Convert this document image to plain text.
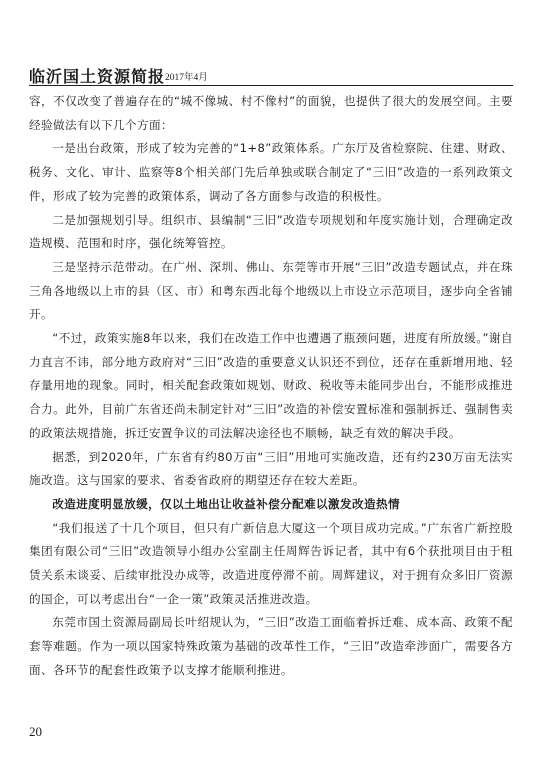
临沂国土资源简报 2017年4月

容，不仅改变了普遍存在的“城不像城、村不像村”的面貌，也提供了很大的发展空间。主要经验做法有以下几个方面：

一是出台政策，形成了较为完善的“1+8”政策体系。广东厅及省检察院、住建、财政、税务、文化、审计、监察等8个相关部门先后单独或联合制定了“三旧”改造的一系列政策文件，形成了较为完善的政策体系，调动了各方面参与改造的积极性。

二是加强规划引导。组织市、县编制“三旧”改造专项规划和年度实施计划，合理确定改造规模、范围和时序，强化统筹管控。

三是坚持示范带动。在广州、深圳、佛山、东莞等市开展“三旧”改造专题试点，并在珠三角各地级以上市的县（区、市）和粤东西北每个地级以上市设立示范项目，逐步向全省铺开。

“不过，政策实施8年以来，我们在改造工作中也遭遇了瓶颈问题，进度有所放缓。”谢自力直言不讳，部分地方政府对“三旧”改造的重要意义认识还不到位，还存在重新增用地、轻存量用地的现象。同时，相关配套政策如规划、财政、税收等未能同步出台，不能形成推进合力。此外，目前广东省还尚未制定针对“三旧”改造的补偿安置标准和强制拆迁、强制售卖的政策法规措施，拆迁安置争议的司法解决途径也不顺畅，缺乏有效的解决手段。

据悉，到2020年，广东省有约80万亩“三旧”用地可实施改造，还有约230万亩无法实施改造。这与国家的要求、省委省政府的期望还存在较大差距。

改造进度明显放缓，仅以土地出让收益补偿分配难以激发改造热情

“我们报送了十几个项目，但只有广新信息大厦这一个项目成功完成。”广东省广新控股集团有限公司“三旧”改造领导小组办公室副主任周辉告诉记者，其中有6个获批项目由于租赁关系未谈妥、后续审批没办成等，改造进度停滞不前。周辉建议，对于拥有众多旧厂资源的国企，可以考虑出台“一企一策”政策灵活推进改造。

东莞市国土资源局副局长叶绍规认为，“三旧”改造工面临着拆迁难、成本高、政策不配套等难题。作为一项以国家特殊政策为基础的改革性工作，“三旧”改造牵涉面广，需要各方面、各环节的配套性政策予以支撑才能顺利推进。

20
